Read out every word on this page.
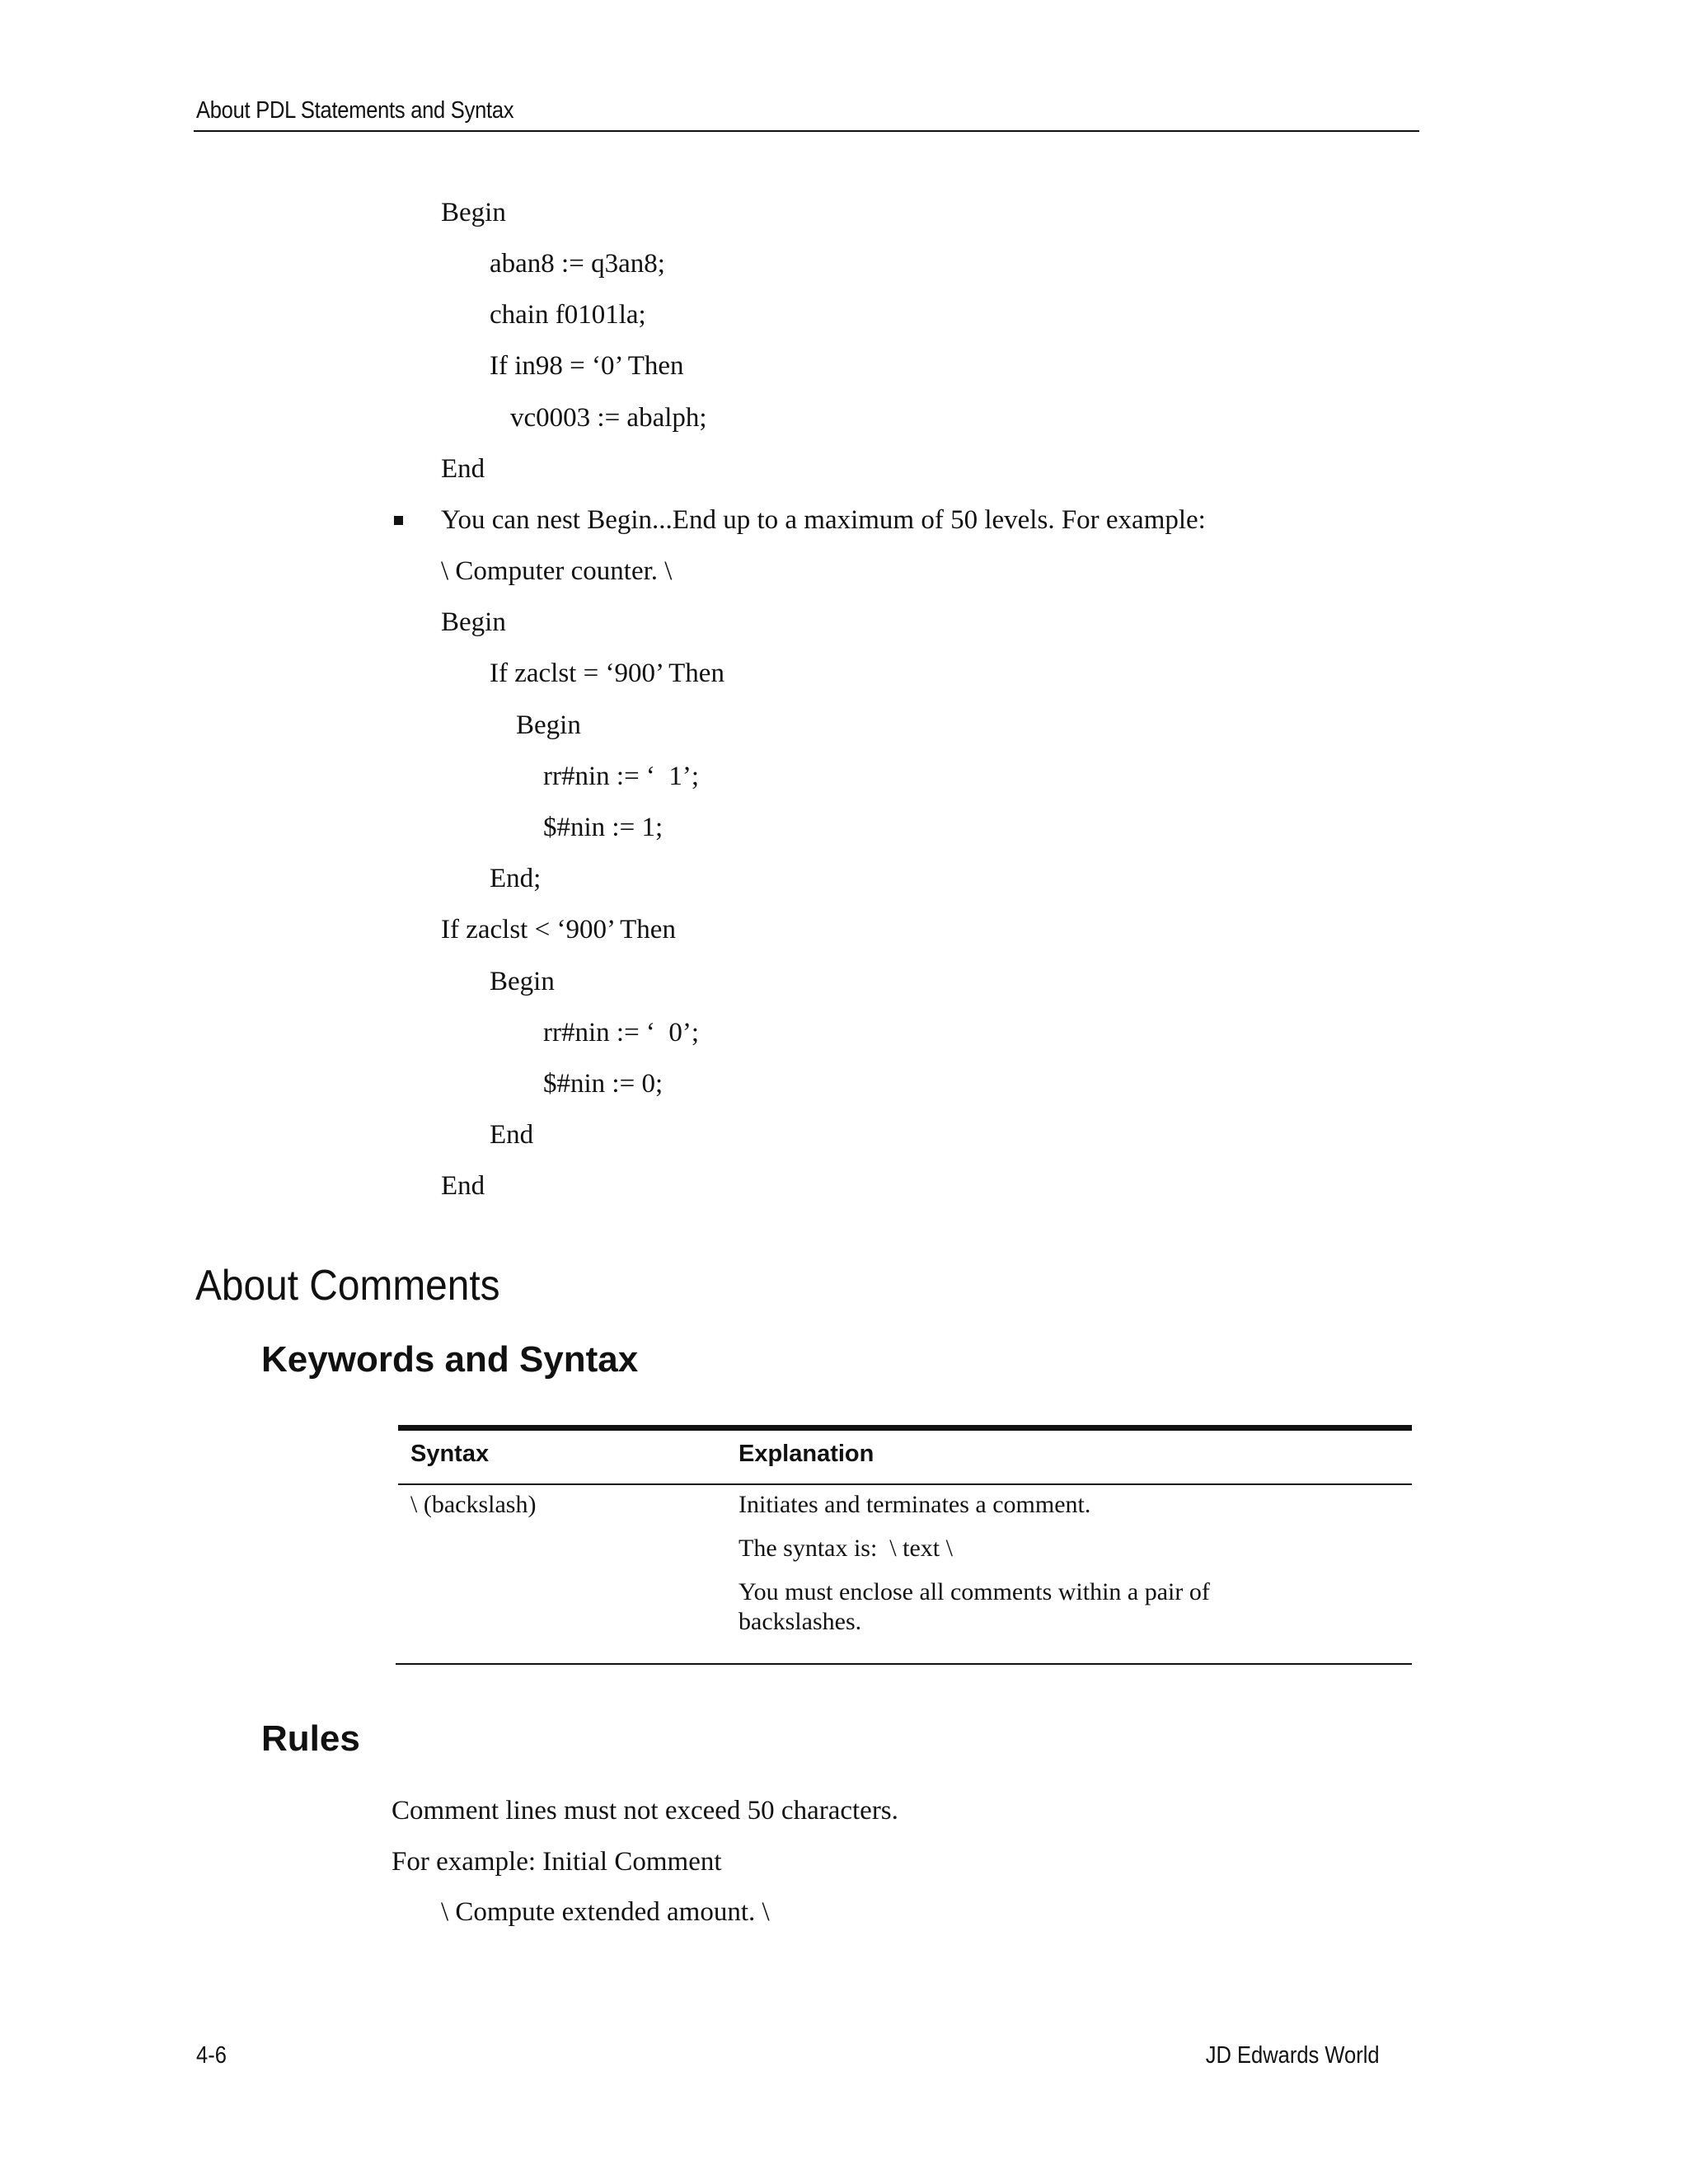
About PDL Statements and Syntax
Begin
aban8 := q3an8;
chain f0101la;
If in98 = ‘0’ Then
vc0003 := abalph;
End
You can nest Begin...End up to a maximum of 50 levels. For example:
\ Computer counter. \
Begin
If zaclst = ‘900’ Then
Begin
rr#nin := ‘  1’;
$#nin := 1;
End;
If zaclst < ‘900’ Then
Begin
rr#nin := ‘  0’;
$#nin := 0;
End
End
About Comments
Keywords and Syntax
Syntax	Explanation
\ (backslash)	Initiates and terminates a comment.
The syntax is:  \ text \
You must enclose all comments within a pair of backslashes.
Rules
Comment lines must not exceed 50 characters.
For example: Initial Comment
\ Compute extended amount. \
4-6	JD Edwards World
